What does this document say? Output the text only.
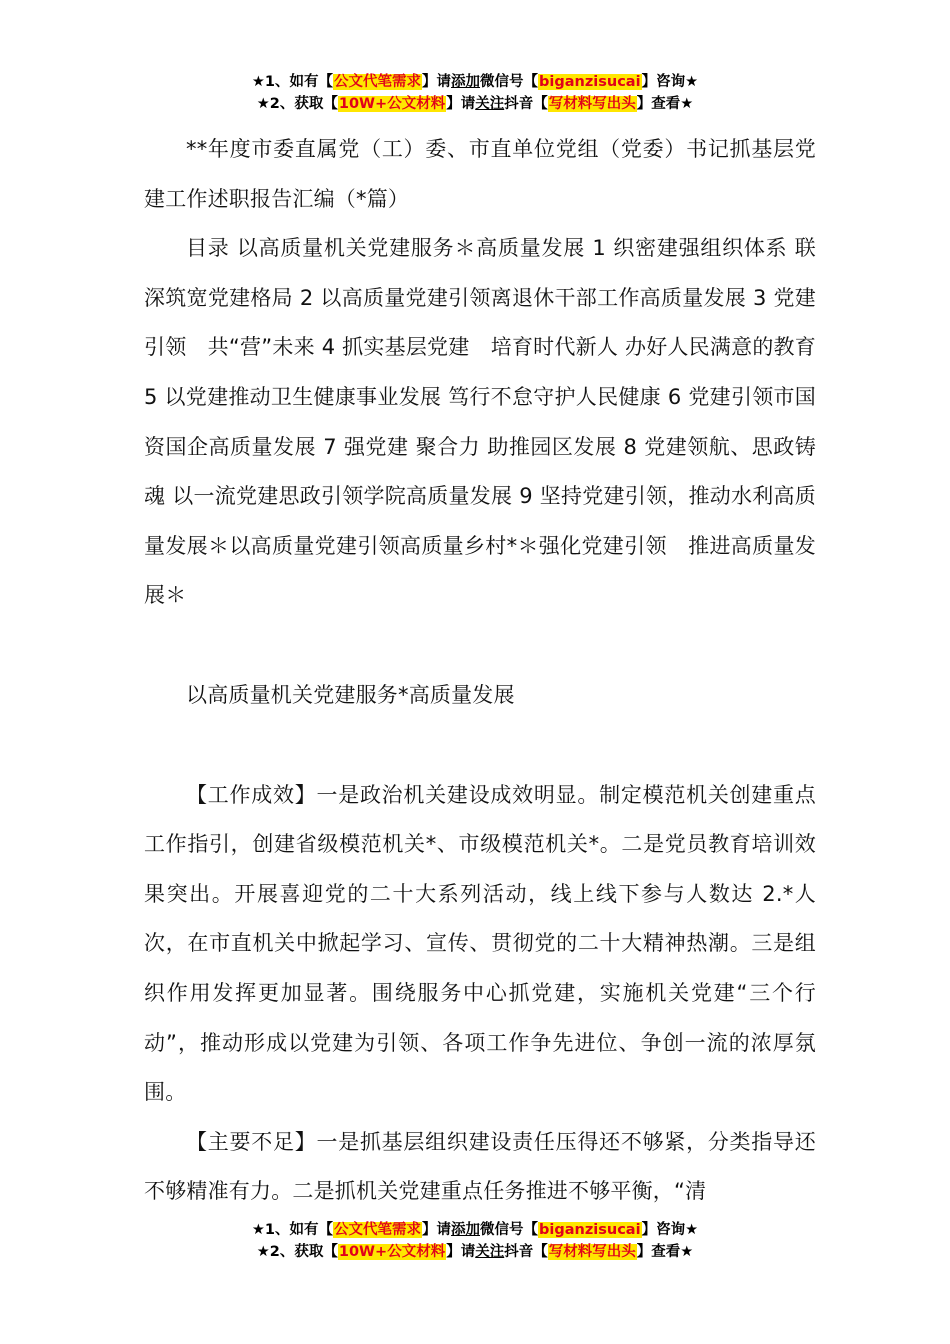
★1、如有【公文代笔需求】请添加微信号【biganzisucai】咨询★
★2、获取【10W+公文材料】请关注抖音【写材料写出头】查看★

**年度市委直属党（工）委、市直单位党组（党委）书记抓基层党建工作述职报告汇编（*篇）

目录 以高质量机关党建服务＊高质量发展 1 织密建强组织体系 联深筑宽党建格局 2 以高质量党建引领离退休干部工作高质量发展 3 党建引领　共“营”未来 4 抓实基层党建　培育时代新人 办好人民满意的教育 5 以党建推动卫生健康事业发展 笃行不怠守护人民健康 6 党建引领市国资国企高质量发展 7 强党建 聚合力 助推园区发展 8 党建领航、思政铸魂 以一流党建思政引领学院高质量发展 9 坚持党建引领，推动水利高质量发展＊以高质量党建引领高质量乡村*＊强化党建引领　推进高质量发展＊

以高质量机关党建服务*高质量发展

【工作成效】一是政治机关建设成效明显。制定模范机关创建重点工作指引，创建省级模范机关*、市级模范机关*。二是党员教育培训效果突出。开展喜迎党的二十大系列活动，线上线下参与人数达 2.*人次，在市直机关中掀起学习、宣传、贯彻党的二十大精神热潮。三是组织作用发挥更加显著。围绕服务中心抓党建，实施机关党建“三个行动”，推动形成以党建为引领、各项工作争先进位、争创一流的浓厚氛围。

【主要不足】一是抓基层组织建设责任压得还不够紧，分类指导还不够精准有力。二是抓机关党建重点任务推进不够平衡，“清

★1、如有【公文代笔需求】请添加微信号【biganzisucai】咨询★
★2、获取【10W+公文材料】请关注抖音【写材料写出头】查看★
